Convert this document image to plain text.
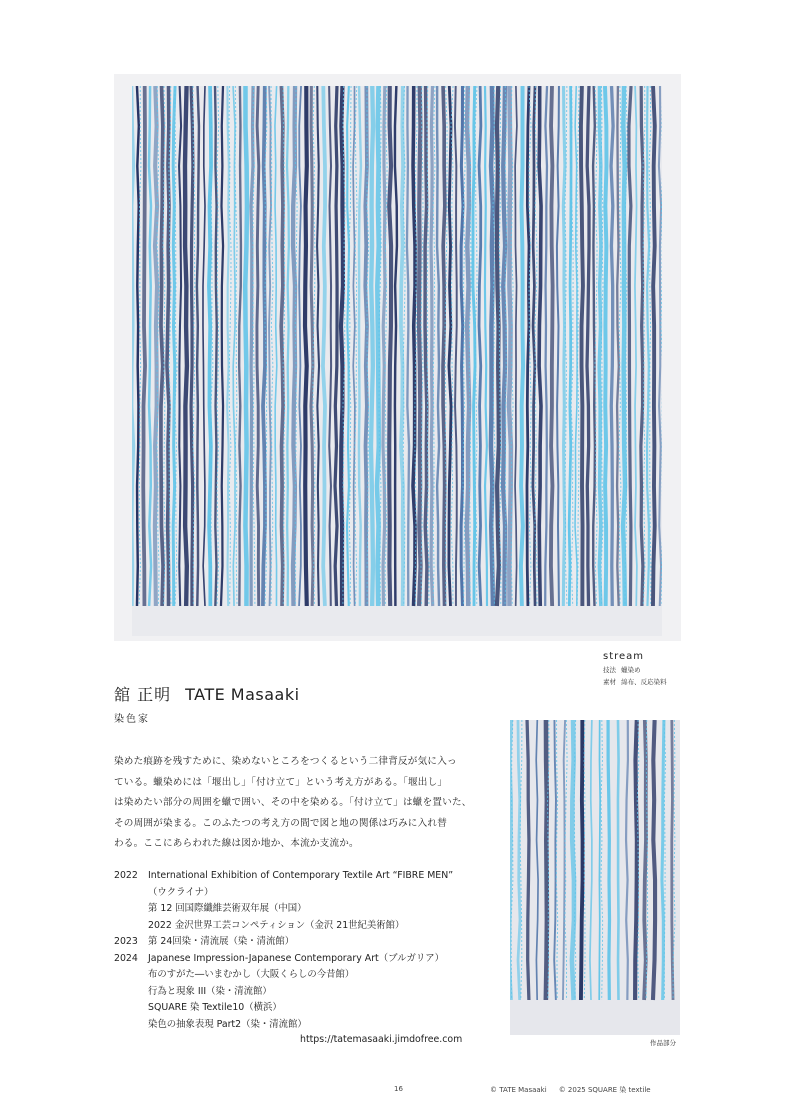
stream
技法 蠟染め
素材 綿布、反応染料
舘 正明 TATE Masaaki
染色家

染めた痕跡を残すために、染めないところをつくるという二律背反が気に入っ

ている。蠟染めには「堰出し」「付け立て」という考え方がある。「堰出し」

は染めたい部分の周囲を蠟で囲い、その中を染める。「付け立て」は蠟を置いた、

その周囲が染まる。このふたつの考え方の間で図と地の関係は巧みに入れ替

わる。ここにあらわれた線は図か地か、本流か支流か。

2022	International Exhibition of Contemporary Textile Art “FIBRE MEN”
（ウクライナ）
第 12 回国際纖維芸術双年展（中国）
2022 金沢世界工芸コンペティション（金沢 21世紀美術館）
2023	第 24回染・清流展（染・清流館）
2024	Japanese Impression-Japanese Contemporary Art（ブルガリア）
布のすがた―いまむかし（大阪くらしの今昔館）
行為と現象 III（染・清流館）
SQUARE 染 Textile10（横浜）
染色の抽象表現 Part2（染・清流館）
https://tatemasaaki.jimdofree.com	作品部分
16	© TATE Masaaki © 2025 SQUARE 染 textile
